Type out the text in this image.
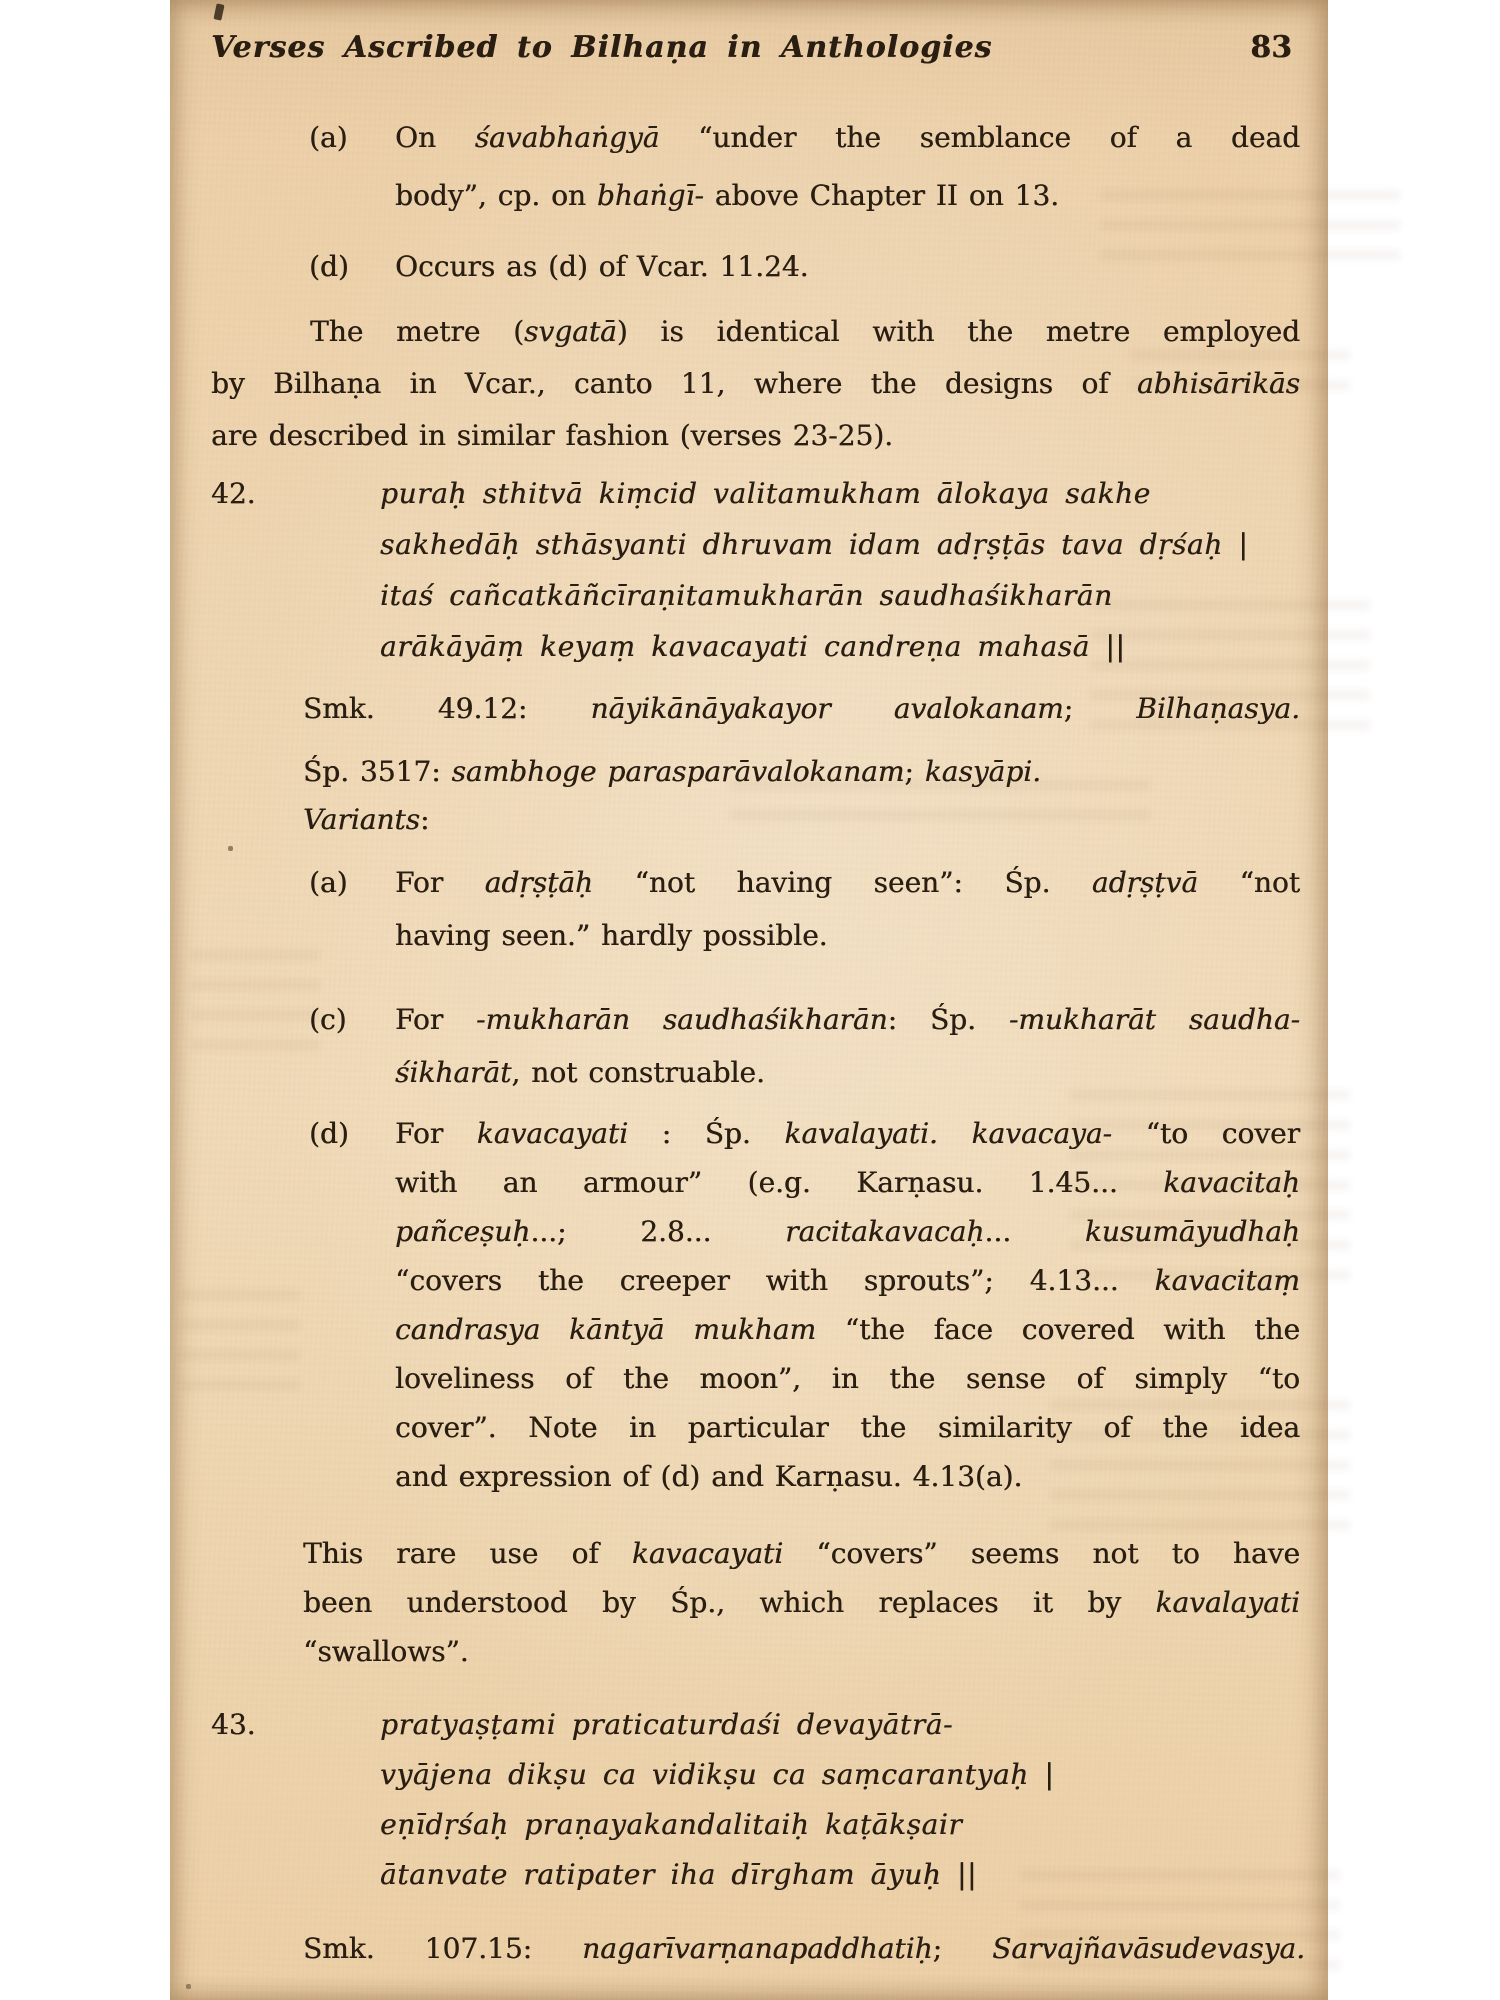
Verses Ascribed to Bilhaṇa in Anthologies	83
(a) On śavabhaṅgyā “under the semblance of a dead
body”, cp. on bhaṅgī- above Chapter II on 13.
(d) Occurs as (d) of Vcar. 11.24.
The metre (svgatā) is identical with the metre employed
by Bilhaṇa in Vcar., canto 11, where the designs of abhisārikās
are described in similar fashion (verses 23-25).
42.	puraḥ sthitvā kiṃcid valitamukham ālokaya sakhe
sakhedāḥ sthāsyanti dhruvam idam adṛṣṭās tava dṛśaḥ |
itaś cañcatkāñcīraṇitamukharān saudhaśikharān
arākāyāṃ keyaṃ kavacayati candreṇa mahasā ||
Smk. 49.12: nāyikānāyakayor avalokanam; Bilhaṇasya.
Śp. 3517: sambhoge parasparāvalokanam; kasyāpi.
Variants:
(a) For adṛṣṭāḥ “not having seen”: Śp. adṛṣṭvā “not
having seen.” hardly possible.
(c) For -mukharān saudhaśikharān: Śp. -mukharāt saudha-
śikharāt, not construable.
(d) For kavacayati : Śp. kavalayati. kavacaya- “to cover
with an armour” (e.g. Karṇasu. 1.45... kavacitaḥ
pañceṣuḥ...; 2.8... racitakavacaḥ... kusumāyudhaḥ
“covers the creeper with sprouts”; 4.13... kavacitaṃ
candrasya kāntyā mukham “the face covered with the
loveliness of the moon”, in the sense of simply “to
cover”. Note in particular the similarity of the idea
and expression of (d) and Karṇasu. 4.13(a).
This rare use of kavacayati “covers” seems not to have
been understood by Śp., which replaces it by kavalayati
“swallows”.
43.	pratyaṣṭami praticaturdaśi devayātrā-
vyājena dikṣu ca vidikṣu ca saṃcarantyaḥ |
eṇīdṛśaḥ praṇayakandalitaiḥ kaṭākṣair
ātanvate ratipater iha dīrgham āyuḥ ||
Smk. 107.15: nagarīvarṇanapaddhatiḥ; Sarvajñavāsudevasya.
